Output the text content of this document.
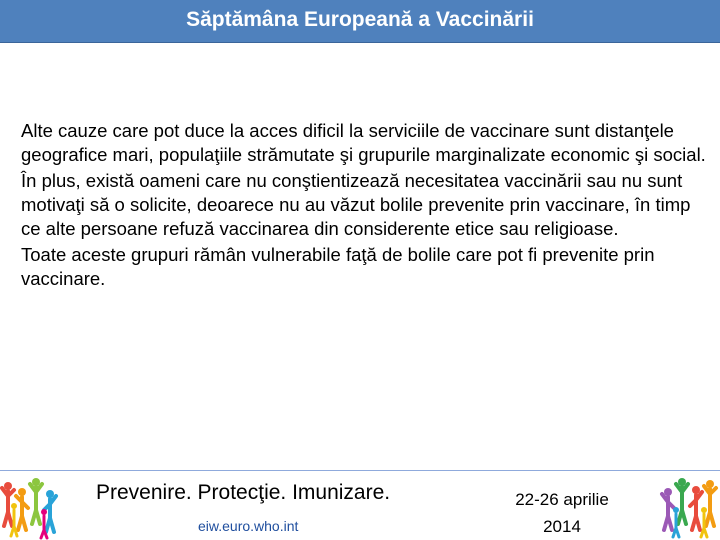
Săptămâna Europeană a Vaccinării

Alte cauze care pot duce la acces dificil la serviciile de vaccinare sunt distanţele geografice mari, populaţiile strămutate şi grupurile marginalizate economic şi social.

În plus, există oameni care nu conştientizează necesitatea vaccinării sau nu sunt motivaţi să o solicite, deoarece nu au văzut bolile prevenite prin vaccinare, în timp ce alte persoane refuză vaccinarea din considerente etice sau religioase.

Toate aceste grupuri rămân vulnerabile faţă de bolile care pot fi prevenite prin vaccinare.

Prevenire. Protecţie. Imunizare.
eiw.euro.who.int
22-26 aprilie
2014
